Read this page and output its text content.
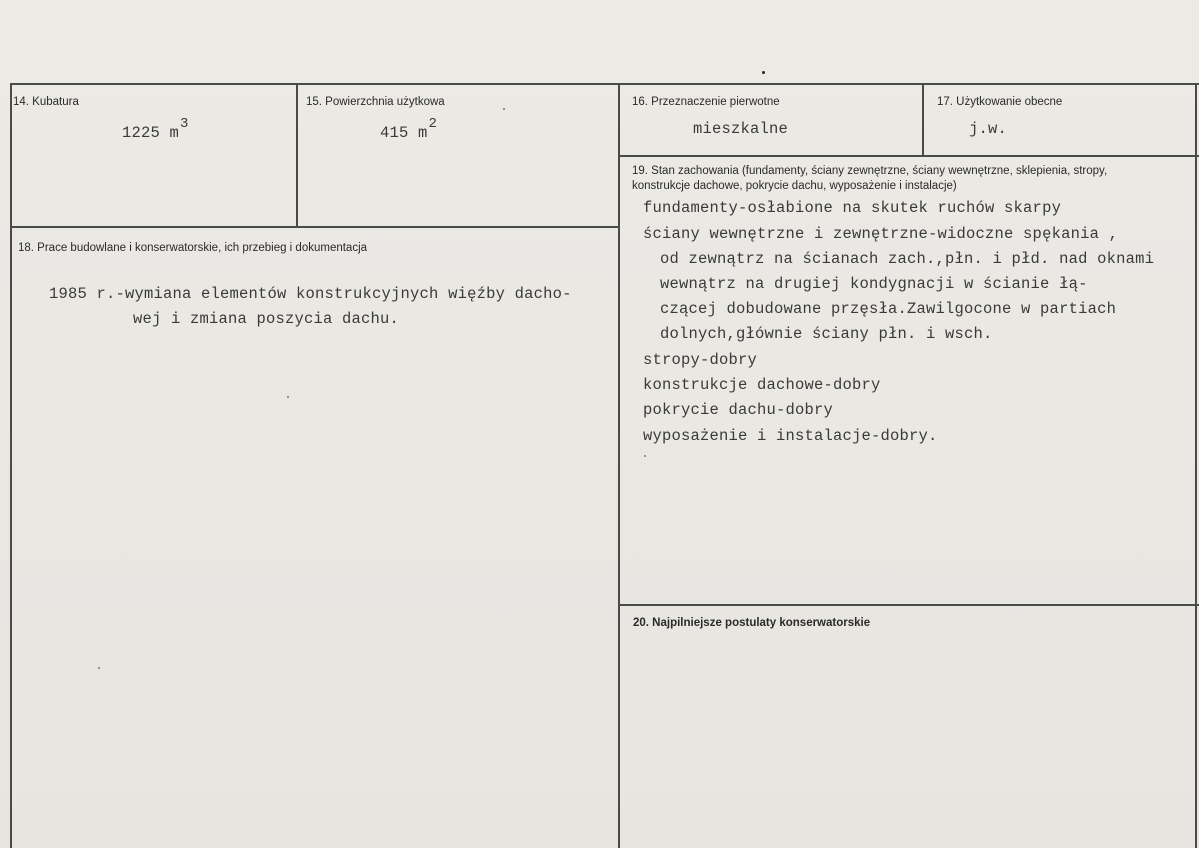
14. Kubatura
1225 $m^3$
15. Powierzchnia użytkowa
415 $m^2$
16. Przeznaczenie pierwotne
mieszkalne
17. Użytkowanie obecne
j.w.
18. Prace budowlane i konserwatorskie, ich przebieg i dokumentacja
1985 r.-wymiana elementów konstrukcyjnych więźby dacho-
wej i zmiana poszycia dachu.
19. Stan zachowania (fundamenty, ściany zewnętrzne, ściany wewnętrzne, sklepienia, stropy, konstrukcje dachowe, pokrycie dachu, wyposażenie i instalacje)
fundamenty-osłabione na skutek ruchów skarpy
ściany wewnętrzne i zewnętrzne-widoczne spękania ,
od zewnątrz na ścianach zach.,płn. i płd. nad oknami
wewnątrz na drugiej kondygnacji w ścianie łą-
czącej dobudowane przęsła.Zawilgocone w partiach
dolnych,głównie ściany płn. i wsch.
stropy-dobry
konstrukcje dachowe-dobry
pokrycie dachu-dobry
wyposażenie i instalacje-dobry.
20. Najpilniejsze postulaty konserwatorskie
